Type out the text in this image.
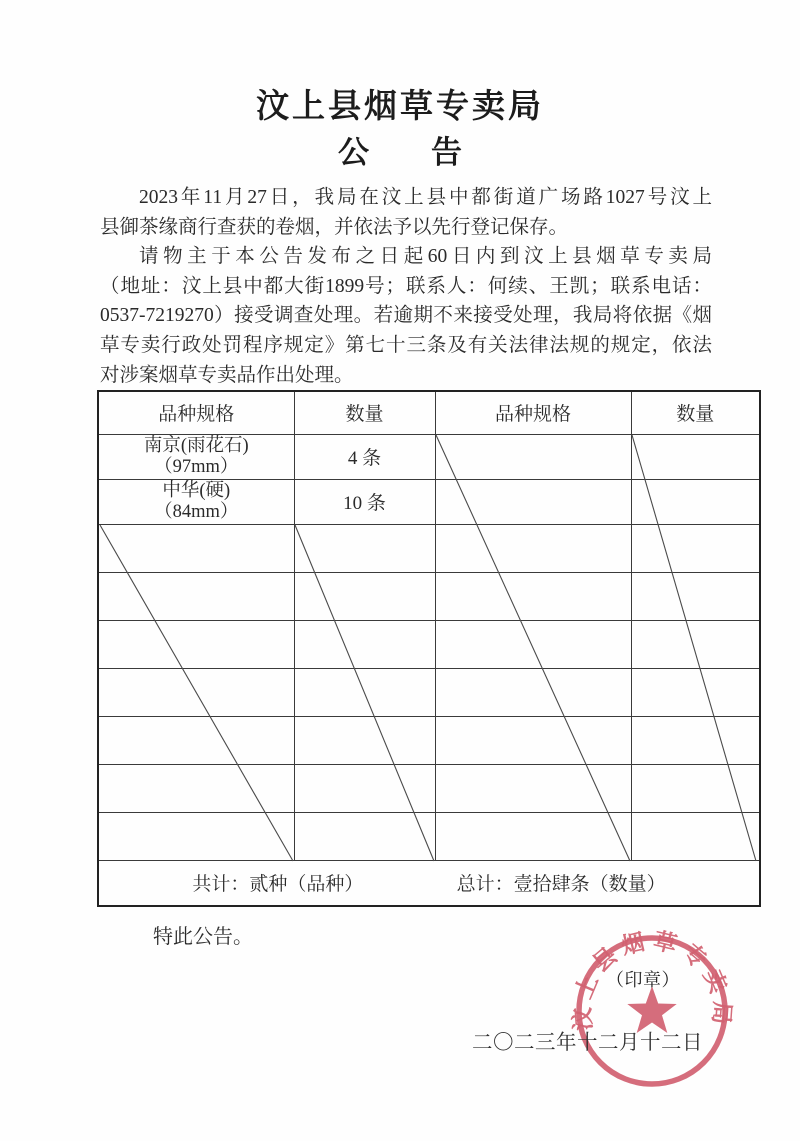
汶上县烟草专卖局
公　　告
2023年11月27日，我局在汶上县中都街道广场路1027号汶上
县御茶缘商行查获的卷烟，并依法予以先行登记保存。
请物主于本公告发布之日起60日内到汶上县烟草专卖局
（地址：汶上县中都大街1899号；联系人：何续、王凯；联系电话：
0537-7219270）接受调查处理。若逾期不来接受处理，我局将依据《烟
草专卖行政处罚程序规定》第七十三条及有关法律法规的规定，依法
对涉案烟草专卖品作出处理。
品种规格	数量	品种规格	数量

南京(雨花石)
（97mm）	4 条		

中华(硬)
（84mm）	10 条		

共计：贰种（品种） 总计：壹拾肆条（数量）			
特此公告。
汶上县烟草专卖局
（印章）
二〇二三年十二月十二日
